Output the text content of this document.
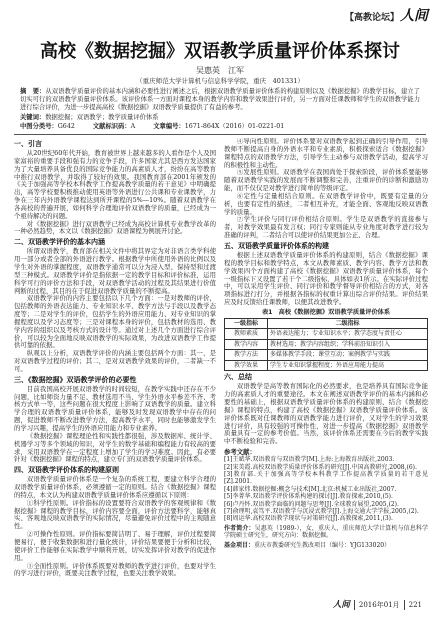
【高教论坛】 人间
高校《数据挖掘》双语教学质量评价体系探讨
吴惠英　江军
（重庆师范大学计算机与信息科学学院，重庆　401331）
摘　要：从双语教学质量评价的基本内涵和必要性进行阐述之后，根据双语教学质量评价体系的构建原则以及《数据挖掘》的教学目标，建立了切实可行的双语教学质量评价体系。该评价体系一方面对课程本身的教学内容和教学效果进行评价，另一方面对任课教师和学生的双语教学能力进行综合评价，为进一步提高高校《数据挖掘》双语教学质量提供了有益的参考。
关键词：数据挖掘；双语教学；教学质量评价体系
中图分类号：G642	文献标识码：A	文章编号：1671-864X（2016）01-0221-01
一、引言

从20世纪60年代开始，教育被世界上越来越多的人看作是个人及国家富裕的重要手段和强有力的竞争手段，许多国家尤其是西方发达国家为了大量培养具备优良的国际竞争能力的高素质人才，纷纷在高等教育中推行双语教学，并取得了较好的效果。我国教育部在2001年颁发的《关于加强高等学校本科教学工作提高教学质量的若干意见》中明确提出，高等学校要积极推动使用英语等外语进行公共课和专业课教学，力争在三年内外语教学课程达到所开课程的5%—10%。随着双语教学在各高校的普遍开展，如何科学合理地评价双语教学的质量，已经成为一个亟待解决的问题。

对《数据挖掘》进行双语教学已经成为高校计算机专业教学改革的一种必然趋势，本文以《数据挖掘》双语课程为例展开讨论。

二、双语教学评价的基本内涵

所谓双语教学，教育部在相关文件中将其界定为对非语言类学科使用一部分或者全部的外语进行教学。根据教学中所使用外语的比例以及学生对外语的掌握程度，双语教学通常可以分为浸入型、保持型和过渡型三种模式。双语教学评价是指依据一定的教学目标和评价标准，运用科学可行的评价方法和手段，对双语教学活动的过程及其结果进行价值判断的过程，其目的在于促进双语教学质量的不断提高。

双语教学评价的内容主要包括以下几个方面：一是对教师的评价，包括教师的外语表达能力、专业知识水平、教学方法与手段以及教学态度等；二是对学生的评价，包括学生的外语应用能力、对专业知识的掌握程度以及学习态度等；三是对课程本身的评价，包括教材的选用、教学内容的组织以及考核方式的设计等。通过对上述几个方面进行综合评价，可以较为全面地反映双语教学的实际效果，为改进双语教学工作提供可靠的依据。

纵观以上分析，双语教学评价的内涵主要包括两个方面：其一，是对双语教学过程的评价；其二，是对双语教学效果的评价，二者缺一不可。

三、《数据挖掘》双语教学评价的必要性

目前我国高校开展双语教学的时间较短，在教学实践中还存在不少问题，比如师资力量不足、教材选用不当、学生外语水平参差不齐、考核方式单一等，这些问题在很大程度上影响了双语教学的质量。建立科学合理的双语教学质量评价体系，能够及时发现双语教学中存在的问题，促进教师不断改进教学方法，提高教学水平，同时也能够激发学生的学习兴趣，提高学生的外语应用能力和专业素养。

《数据挖掘》课程理论性和实践性都很强，涉及数据库、统计学、机器学习等多个领域的知识，对学生的数学基础和编程能力有较高的要求，采用双语教学在一定程度上增加了学生的学习难度。因此，有必要针对《数据挖掘》课程的特点，建立专门的双语教学质量评价体系。

四、双语教学评价体系的构建原则

双语教学质量评价体系是一个复杂的系统工程，要建立科学合理的双语教学质量评价体系，必须遵循一定的原则。结合《数据挖掘》课程的特点，本文认为构建双语教学质量评价体系应遵循以下原则：

①科学性原则。评价指标的设置要符合双语教学的客观规律和《数据挖掘》课程的教学目标，评价内容要全面，评价方法要科学，能够真实、客观地反映双语教学的实际情况，尽量避免评价过程中的主观随意性。

②可操作性原则。评价指标要简洁明了、易于理解，评价过程要简便易行，便于收集数据和进行量化统计，评价结果要便于分析和比较，使评价工作能够在实际教学中顺利开展，切实发挥评价对教学的促进作用。

③全面性原则。评价体系既要对教师的教学进行评价，也要对学生的学习进行评价，既要关注教学过程，也要关注教学效果。

④导向性原则。评价体系要对双语教学起到正确的引导作用，引导教师不断提高自身的外语水平和专业素质，积极探索适合《数据挖掘》课程特点的双语教学方法，引导学生主动参与双语教学活动，提高学习的积极性和主动性。

⑤发展性原则。双语教学在我国尚处于探索阶段，评价体系要能够随着双语教学实践的发展而不断调整和完善，注重评价的诊断和激励功能，而不仅仅是对教学进行简单的等级评定。

⑥定性与定量相结合原则。在双语教学评价中，既要有定量的分析，也要有定性的描述，二者相互补充，才能全面、客观地反映双语教学的质量。

⑦学生评价与同行评价相结合原则。学生是双语教学的直接参与者，对教学效果最有发言权；同行专家则能从专业角度对教学进行较为准确的评判，二者结合可以使评价结果更加公正、合理。

五、双语教学质量评价体系的构建

根据上述双语教学质量评价体系的构建原则，结合《数据挖掘》课程的教学目标和教学特点，本文从教师素质、教学内容、教学方法和教学效果四个方面构建了高校《数据挖掘》双语教学质量评价体系，每个一级指标下又设置了若干个二级指标，具体如表1所示。在实际评价过程中，可以采用学生评价、同行评价和教学督导评价相结合的方式，对各项指标进行打分，并根据各指标的权重计算出综合评价结果。评价结果应及时反馈给任课教师，以便其改进教学。

表1　高校《数据挖掘》双语教学质量评价体系
一级指标	二级指标
教师素质	外语表达能力；专业知识水平；教学态度与责任心
教学内容	教材选用；教学内容组织；学科前沿知识引入
教学方法	多媒体教学手段；课堂互动；案例教学与实践
教学效果	学生专业知识掌握程度；外语应用能力提高
六、总结

双语教学是高等教育国际化的必然要求，也是培养具有国际竞争能力的高素质人才的重要途径。本文在阐述双语教学评价的基本内涵和必要性的基础上，根据双语教学质量评价体系的构建原则，结合《数据挖掘》课程的特点，构建了高校《数据挖掘》双语教学质量评价体系。该评价体系既对任课教师的双语教学能力进行评价，又对学生的学习效果进行评价，具有较强的可操作性，对进一步提高《数据挖掘》双语教学质量具有一定的参考价值。当然，该评价体系还需要在今后的教学实践中不断检验和完善。

参考文献：

[1]王斌华.双语教育与双语教学[M].上海:上海教育出版社,2003.

[2]宋美霞.高校双语教学质量评价体系的研究[J].中国高教研究,2008,(6).

[3]教育部.关于加强高等学校本科教学工作提高教学质量的若干意见[Z].2001.

[4]韩家炜.数据挖掘:概念与技术[M].北京:机械工业出版社,2007.

[5]李菁华.双语教学评价体系构建的探讨[J].教育探索,2010,(5).

[6]卢丹怀.双语教学面临的问题与思考[J].全球教育展望,2005,(2).

[7]俞理明,袁笃平.双语教学与沉浸式教学[J].上海交通大学学报,2005,(2).

[8]周运华.高校双语教学现状与对策研究[J].高教探索,2011,(3).

作者简介：吴惠英（1989-），女，重庆人，重庆师范大学计算机与信息科学学院硕士研究生，研究方向：数据挖掘。
基金项目：重庆市教委研究生教改项目（编号：YJG133020）
人间	2016年01月	221
